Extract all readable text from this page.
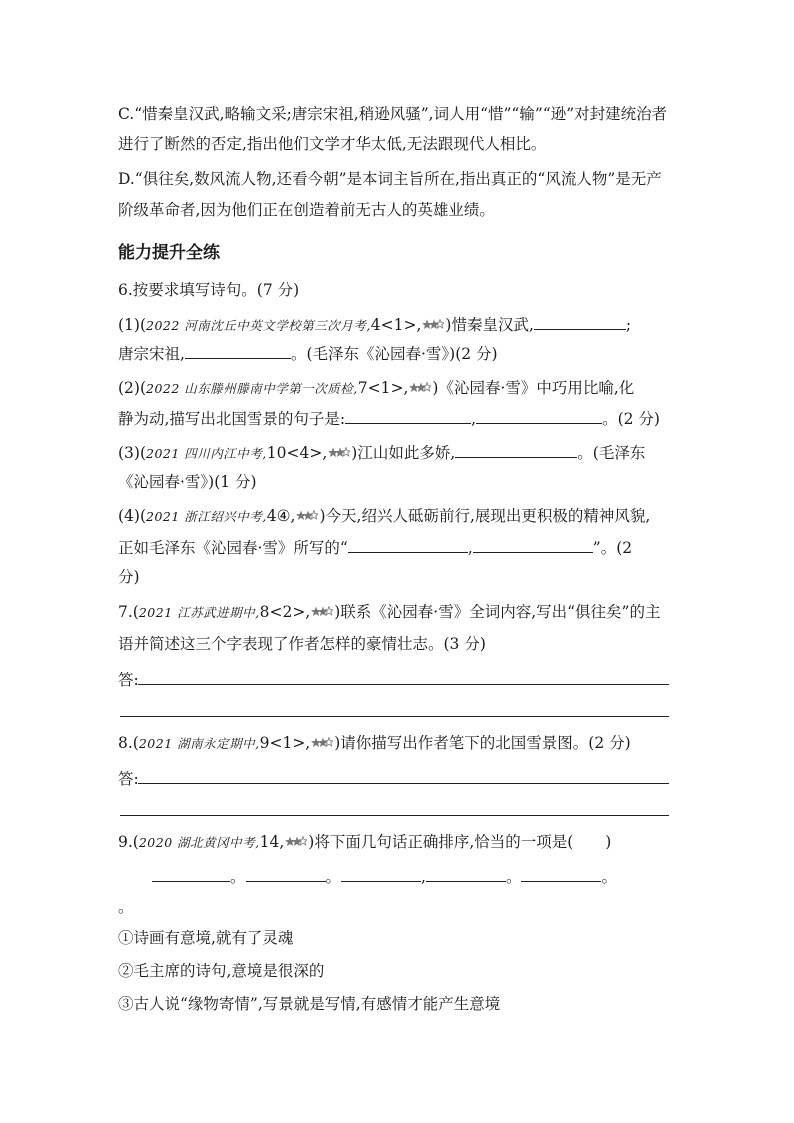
C.“惜秦皇汉武,略输文采;唐宗宋祖,稍逊风骚”,词人用“惜”“输”“逊”对封建统治者
进行了断然的否定,指出他们文学才华太低,无法跟现代人相比。
D.“俱往矣,数风流人物,还看今朝”是本词主旨所在,指出真正的“风流人物”是无产
阶级革命者,因为他们正在创造着前无古人的英雄业绩。
能力提升全练
6.按要求填写诗句。(7 分)
(1)(2022 河南沈丘中英文学校第三次月考,4<1>, )惜秦皇汉武,	;
唐宗宋祖,	。(毛泽东《沁园春·雪》)(2 分)
(2)(2022 山东滕州滕南中学第一次质检,7<1>, )《沁园春·雪》中巧用比喻,化
静为动,描写出北国雪景的句子是:	,	。(2 分)
(3)(2021 四川内江中考,10<4>, )江山如此多娇,	。(毛泽东
《沁园春·雪》)(1 分)
(4)(2021 浙江绍兴中考,4④, )今天,绍兴人砥砺前行,展现出更积极的精神风貌,
正如毛泽东《沁园春·雪》所写的“	,	”。(2
分)
7.(2021 江苏武进期中,8<2>, )联系《沁园春·雪》全词内容,写出“俱往矣”的主
语并简述这三个字表现了作者怎样的豪情壮志。(3 分)
答:
8.(2021 湖南永定期中,9<1>, )请你描写出作者笔下的北国雪景图。(2 分)
答:
9.(2020 湖北黄冈中考,14, )将下面几句话正确排序,恰当的一项是( )
。	。	,	。	。
。
①诗画有意境,就有了灵魂
②毛主席的诗句,意境是很深的
③古人说“缘物寄情”,写景就是写情,有感情才能产生意境
